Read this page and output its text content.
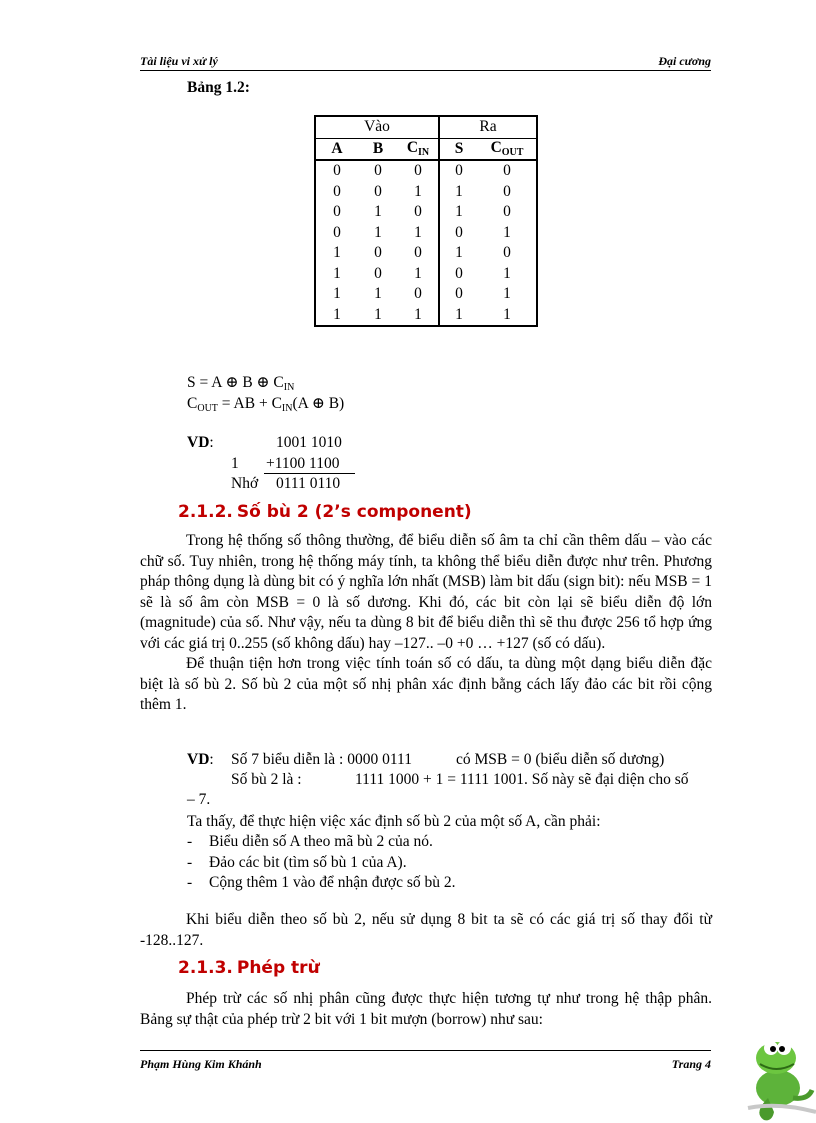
Tài liệu vi xử lý	Đại cương
Bảng 1.2:
Vào			Ra	
A	B	$C_{IN}$	S	$C_{OUT}$
0	0	0	0	0
0	0	1	1	0
0	1	0	1	0
0	1	1	0	1
1	0	0	1	0
1	0	1	0	1
1	1	0	0	1
1	1	1	1	1
S = A ⊕ B ⊕ $C_{IN}$
$C_{OUT}$ = AB + $C_{IN}(A$ ⊕ B)
VD:	1001 1010
1 +1100 1100
Nhớ 0111 0110
2.1.2. Số bù 2 (2’s component)

Trong hệ thống số thông thường, để biểu diễn số âm ta chỉ cần thêm dấu – vào các chữ số. Tuy nhiên, trong hệ thống máy tính, ta không thể biểu diễn được như trên. Phương pháp thông dụng là dùng bit có ý nghĩa lớn nhất (MSB) làm bit dấu (sign bit): nếu MSB = 1 sẽ là số âm còn MSB = 0 là số dương. Khi đó, các bit còn lại sẽ biểu diễn độ lớn (magnitude) của số. Như vậy, nếu ta dùng 8 bit để biểu diễn thì sẽ thu được 256 tổ hợp ứng với các giá trị 0..255 (số không dấu) hay –127.. –0 +0 … +127 (số có dấu).

Để thuận tiện hơn trong việc tính toán số có dấu, ta dùng một dạng biểu diễn đặc biệt là số bù 2. Số bù 2 của một số nhị phân xác định bằng cách lấy đảo các bit rồi cộng thêm 1.

VD: Số 7 biểu diễn là : 0000 0111	có MSB = 0 (biểu diễn số dương)
Số bù 2 là :	1111 1000 + 1 = 1111 1001. Số này sẽ đại diện cho số
– 7.
Ta thấy, để thực hiện việc xác định số bù 2 của một số A, cần phải:
- Biểu diễn số A theo mã bù 2 của nó.
- Đảo các bit (tìm số bù 1 của A).
- Cộng thêm 1 vào để nhận được số bù 2.

Khi biểu diễn theo số bù 2, nếu sử dụng 8 bit ta sẽ có các giá trị số thay đổi từ -128..127.

2.1.3. Phép trừ

Phép trừ các số nhị phân cũng được thực hiện tương tự như trong hệ thập phân. Bảng sự thật của phép trừ 2 bit với 1 bit mượn (borrow) như sau:

Phạm Hùng Kim Khánh	Trang 4
